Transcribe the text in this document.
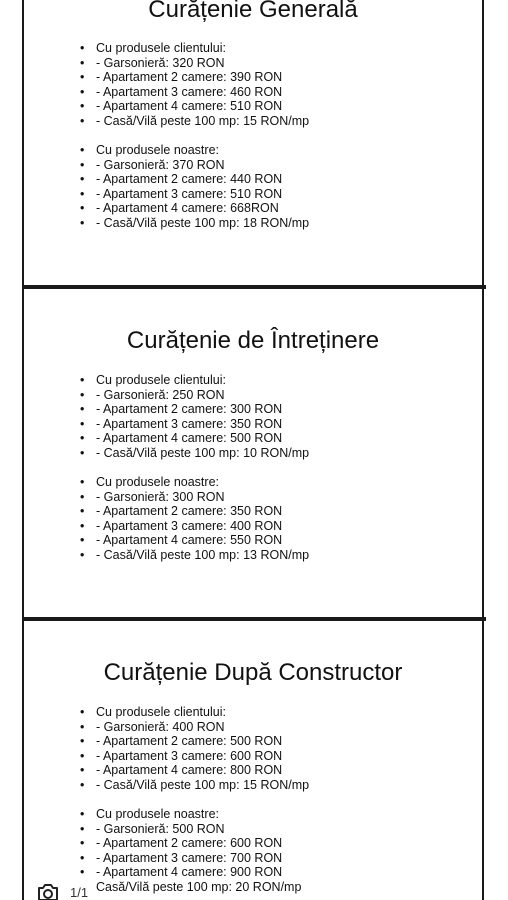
Curățenie Generală
• Cu produsele clientului:
• - Garsonieră: 320 RON
• - Apartament 2 camere: 390 RON
• - Apartament 3 camere: 460 RON
• - Apartament 4 camere: 510 RON
• - Casă/Vilă peste 100 mp: 15 RON/mp
• Cu produsele noastre:
• - Garsonieră: 370 RON
• - Apartament 2 camere: 440 RON
• - Apartament 3 camere: 510 RON
• - Apartament 4 camere: 668RON
• - Casă/Vilă peste 100 mp: 18 RON/mp
Curățenie de Întreținere
• Cu produsele clientului:
• - Garsonieră: 250 RON
• - Apartament 2 camere: 300 RON
• - Apartament 3 camere: 350 RON
• - Apartament 4 camere: 500 RON
• - Casă/Vilă peste 100 mp: 10 RON/mp
• Cu produsele noastre:
• - Garsonieră: 300 RON
• - Apartament 2 camere: 350 RON
• - Apartament 3 camere: 400 RON
• - Apartament 4 camere: 550 RON
• - Casă/Vilă peste 100 mp: 13 RON/mp
Curățenie După Constructor
• Cu produsele clientului:
• - Garsonieră: 400 RON
• - Apartament 2 camere: 500 RON
• - Apartament 3 camere: 600 RON
• - Apartament 4 camere: 800 RON
• - Casă/Vilă peste 100 mp: 15 RON/mp
• Cu produsele noastre:
• - Garsonieră: 500 RON
• - Apartament 2 camere: 600 RON
• - Apartament 3 camere: 700 RON
• - Apartament 4 camere: 900 RON
Casă/Vilă peste 100 mp: 20 RON/mp
1/1
